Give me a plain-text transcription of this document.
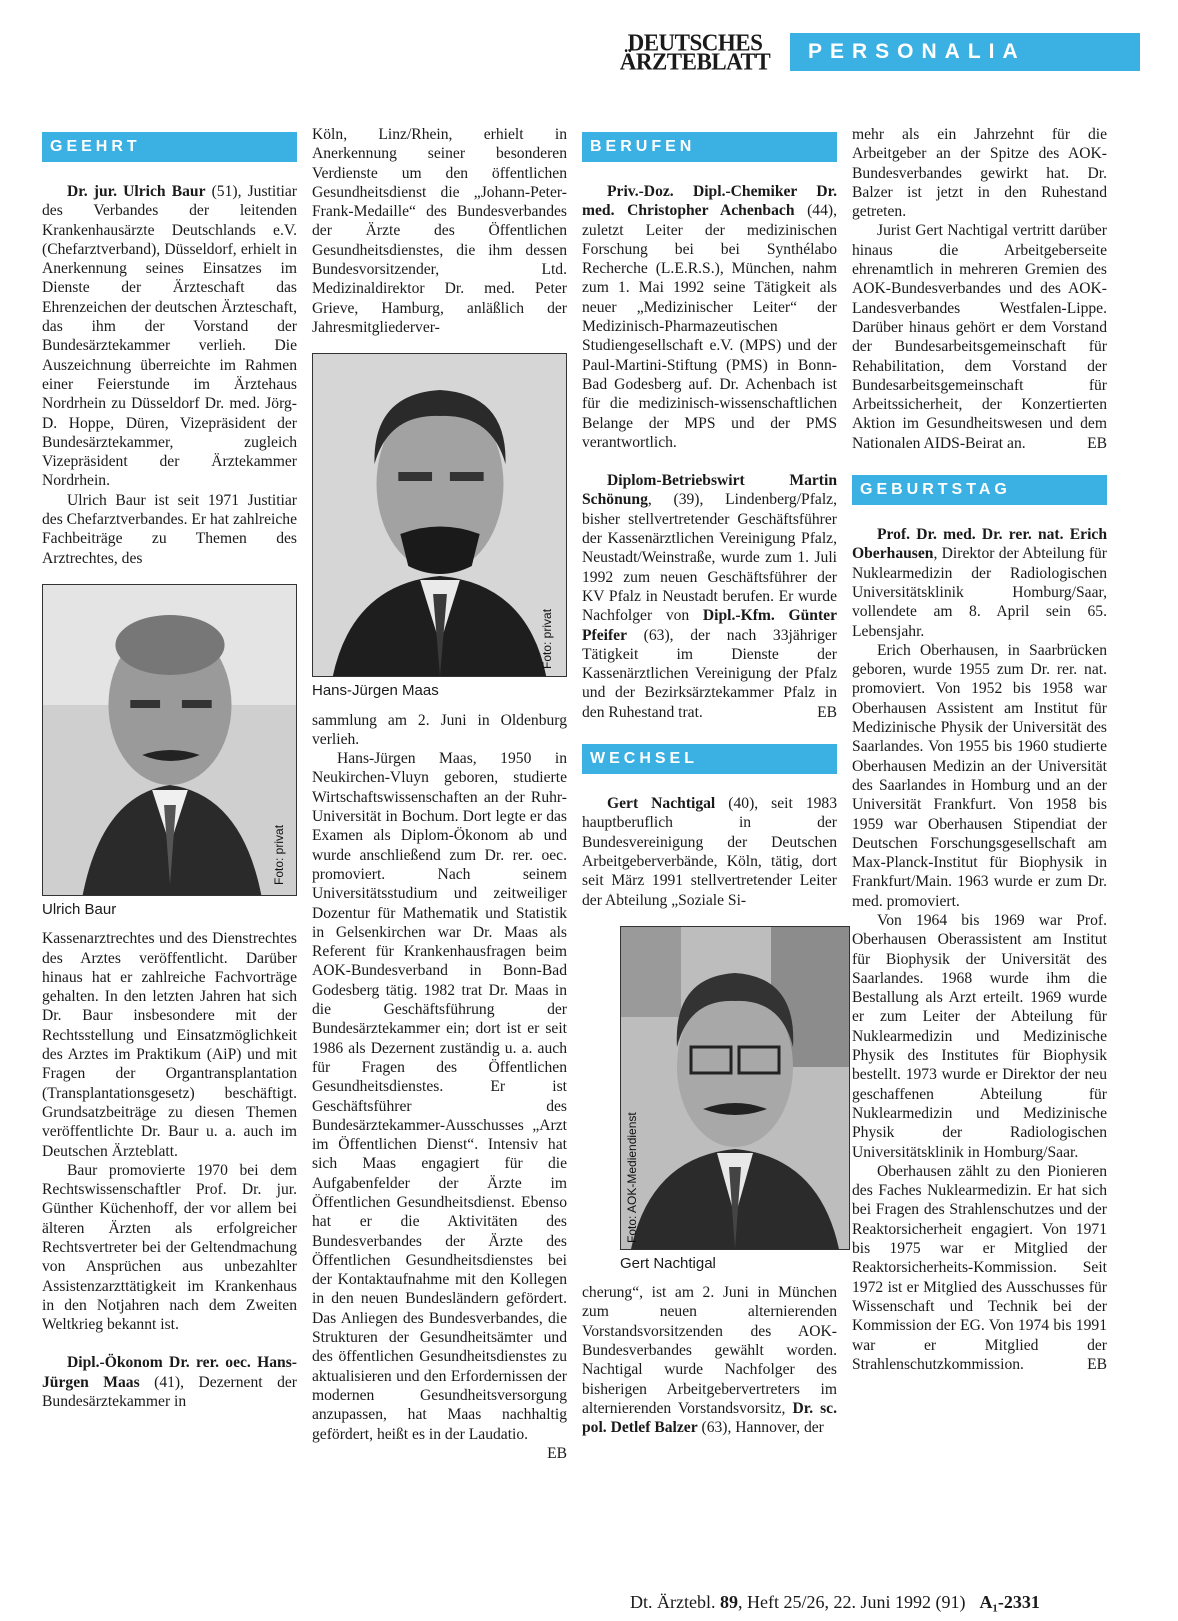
DEUTSCHES
ÄRZTEBLATT	PERSONALIA
GEEHRT

Dr. jur. Ulrich Baur (51), Justitiar des Verbandes der leitenden Krankenhausärzte Deutschlands e.V. (Chefarztverband), Düsseldorf, erhielt in Anerkennung seines Einsatzes im Dienste der Ärzteschaft das Ehrenzeichen der deutschen Ärzteschaft, das ihm der Vorstand der Bundesärztekammer verlieh. Die Auszeichnung überreichte im Rahmen einer Feierstunde im Ärztehaus Nordrhein zu Düsseldorf Dr. med. Jörg-D. Hoppe, Düren, Vizepräsident der Bundesärztekammer, zugleich Vizepräsident der Ärztekammer Nordrhein.

Ulrich Baur ist seit 1971 Justitiar des Chefarztverbandes. Er hat zahlreiche Fachbeiträge zu Themen des Arztrechtes, des

Foto: privat
Ulrich Baur

Kassenarztrechtes und des Dienstrechtes des Arztes veröffentlicht. Darüber hinaus hat er zahlreiche Fachvorträge gehalten. In den letzten Jahren hat sich Dr. Baur insbesondere mit der Rechtsstellung und Einsatzmöglichkeit des Arztes im Praktikum (AiP) und mit Fragen der Organtransplantation (Transplantationsgesetz) beschäftigt. Grundsatzbeiträge zu diesen Themen veröffentlichte Dr. Baur u. a. auch im Deutschen Ärzteblatt.

Baur promovierte 1970 bei dem Rechtswissenschaftler Prof. Dr. jur. Günther Küchenhoff, der vor allem bei älteren Ärzten als erfolgreicher Rechtsvertreter bei der Geltendmachung von Ansprüchen aus unbezahlter Assistenzarzttätigkeit im Krankenhaus in den Notjahren nach dem Zweiten Weltkrieg bekannt ist.

Dipl.-Ökonom Dr. rer. oec. Hans-Jürgen Maas (41), Dezernent der Bundesärztekammer in

Köln, Linz/Rhein, erhielt in Anerkennung seiner besonderen Verdienste um den öffentlichen Gesundheitsdienst die „Johann-Peter-Frank-Medaille“ des Bundesverbandes der Ärzte des Öffentlichen Gesundheitsdienstes, die ihm dessen Bundesvorsitzender, Ltd. Medizinaldirektor Dr. med. Peter Grieve, Hamburg, anläßlich der Jahresmitgliederver-

Foto: privat
Hans-Jürgen Maas

sammlung am 2. Juni in Oldenburg verlieh.

Hans-Jürgen Maas, 1950 in Neukirchen-Vluyn geboren, studierte Wirtschaftswissenschaften an der Ruhr-Universität in Bochum. Dort legte er das Examen als Diplom-Ökonom ab und wurde anschließend zum Dr. rer. oec. promoviert. Nach seinem Universitätsstudium und zeitweiliger Dozentur für Mathematik und Statistik in Gelsenkirchen war Dr. Maas als Referent für Krankenhausfragen beim AOK-Bundesverband in Bonn-Bad Godesberg tätig. 1982 trat Dr. Maas in die Geschäftsführung der Bundesärztekammer ein; dort ist er seit 1986 als Dezernent zuständig u. a. auch für Fragen des Öffentlichen Gesundheitsdienstes. Er ist Geschäftsführer des Bundesärztekammer-Ausschusses „Arzt im Öffentlichen Dienst“. Intensiv hat sich Maas engagiert für die Aufgabenfelder der Ärzte im Öffentlichen Gesundheitsdienst. Ebenso hat er die Aktivitäten des Bundesverbandes der Ärzte des Öffentlichen Gesundheitsdienstes bei der Kontaktaufnahme mit den Kollegen in den neuen Bundesländern gefördert. Das Anliegen des Bundesverbandes, die Strukturen der Gesundheitsämter und des öffentlichen Gesundheitsdienstes zu aktualisieren und den Erfordernissen der modernen Gesundheitsversorgung anzupassen, hat Maas nachhaltig gefördert, heißt es in der Laudatio.
EB

BERUFEN

Priv.-Doz. Dipl.-Chemiker Dr. med. Christopher Achenbach (44), zuletzt Leiter der medizinischen Forschung bei bei Synthélabo Recherche (L.E.R.S.), München, nahm zum 1. Mai 1992 seine Tätigkeit als neuer „Medizinischer Leiter“ der Medizinisch-Pharmazeutischen Studiengesellschaft e.V. (MPS) und der Paul-Martini-Stiftung (PMS) in Bonn-Bad Godesberg auf. Dr. Achenbach ist für die medizinisch-wissenschaftlichen Belange der MPS und der PMS verantwortlich.

Diplom-Betriebswirt Martin Schönung, (39), Lindenberg/Pfalz, bisher stellvertretender Geschäftsführer der Kassenärztlichen Vereinigung Pfalz, Neustadt/Weinstraße, wurde zum 1. Juli 1992 zum neuen Geschäftsführer der KV Pfalz in Neustadt berufen. Er wurde Nachfolger von Dipl.-Kfm. Günter Pfeifer (63), der nach 33jähriger Tätigkeit im Dienste der Kassenärztlichen Vereinigung der Pfalz und der Bezirksärztekammer Pfalz in den Ruhestand trat.	EB

WECHSEL

Gert Nachtigal (40), seit 1983 hauptberuflich in der Bundesvereinigung der Deutschen Arbeitgeberverbände, Köln, tätig, dort seit März 1991 stellvertretender Leiter der Abteilung „Soziale Si-

Foto: AOK-Mediendienst
Gert Nachtigal

cherung“, ist am 2. Juni in München zum neuen alternierenden Vorstandsvorsitzenden des AOK-Bundesverbandes gewählt worden. Nachtigal wurde Nachfolger des bisherigen Arbeitgebervertreters im alternierenden Vorstandsvorsitz, Dr. sc. pol. Detlef Balzer (63), Hannover, der

mehr als ein Jahrzehnt für die Arbeitgeber an der Spitze des AOK-Bundesverbandes gewirkt hat. Dr. Balzer ist jetzt in den Ruhestand getreten.

Jurist Gert Nachtigal vertritt darüber hinaus die Arbeitgeberseite ehrenamtlich in mehreren Gremien des AOK-Bundesverbandes und des AOK-Landesverbandes Westfalen-Lippe. Darüber hinaus gehört er dem Vorstand der Bundesarbeitsgemeinschaft für Rehabilitation, dem Vorstand der Bundesarbeitsgemeinschaft für Arbeitssicherheit, der Konzertierten Aktion im Gesundheitswesen und dem Nationalen AIDS-Beirat an.	EB

GEBURTSTAG

Prof. Dr. med. Dr. rer. nat. Erich Oberhausen, Direktor der Abteilung für Nuklearmedizin der Radiologischen Universitätsklinik Homburg/Saar, vollendete am 8. April sein 65. Lebensjahr.

Erich Oberhausen, in Saarbrücken geboren, wurde 1955 zum Dr. rer. nat. promoviert. Von 1952 bis 1958 war Oberhausen Assistent am Institut für Medizinische Physik der Universität des Saarlandes. Von 1955 bis 1960 studierte Oberhausen Medizin an der Universität des Saarlandes in Homburg und an der Universität Frankfurt. Von 1958 bis 1959 war Oberhausen Stipendiat der Deutschen Forschungsgesellschaft am Max-Planck-Institut für Biophysik in Frankfurt/Main. 1963 wurde er zum Dr. med. promoviert.

Von 1964 bis 1969 war Prof. Oberhausen Oberassistent am Institut für Biophysik der Universität des Saarlandes. 1968 wurde ihm die Bestallung als Arzt erteilt. 1969 wurde er zum Leiter der Abteilung für Nuklearmedizin und Medizinische Physik des Institutes für Biophysik bestellt. 1973 wurde er Direktor der neu geschaffenen Abteilung für Nuklearmedizin und Medizinische Physik der Radiologischen Universitätsklinik in Homburg/Saar.

Oberhausen zählt zu den Pionieren des Faches Nuklearmedizin. Er hat sich bei Fragen des Strahlenschutzes und der Reaktorsicherheit engagiert. Von 1971 bis 1975 war er Mitglied der Reaktorsicherheits-Kommission. Seit 1972 ist er Mitglied des Ausschusses für Wissenschaft und Technik bei der Kommission der EG. Von 1974 bis 1991 war er Mitglied der Strahlenschutzkommission.	EB

Dt. Ärztebl. 89, Heft 25/26, 22. Juni 1992 (91) A₁-2331
